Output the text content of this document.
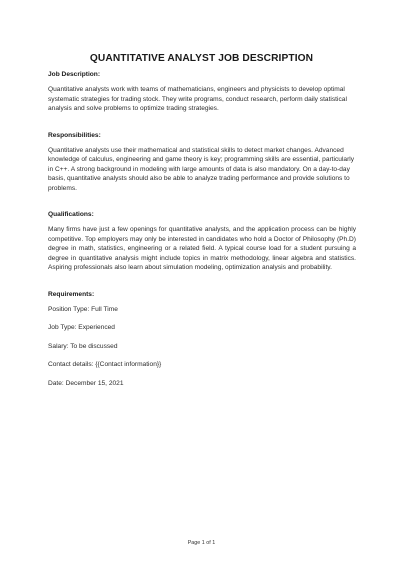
QUANTITATIVE ANALYST JOB DESCRIPTION

Job Description:

Quantitative analysts work with teams of mathematicians, engineers and physicists to develop optimal systematic strategies for trading stock. They write programs, conduct research, perform daily statistical analysis and solve problems to optimize trading strategies.

Responsibilities:

Quantitative analysts use their mathematical and statistical skills to detect market changes. Advanced knowledge of calculus, engineering and game theory is key; programming skills are essential, particularly in C++. A strong background in modeling with large amounts of data is also mandatory. On a day-to-day basis, quantitative analysts should also be able to analyze trading performance and provide solutions to problems.

Qualifications:

Many firms have just a few openings for quantitative analysts, and the application process can be highly competitive. Top employers may only be interested in candidates who hold a Doctor of Philosophy (Ph.D) degree in math, statistics, engineering or a related field. A typical course load for a student pursuing a degree in quantitative analysis might include topics in matrix methodology, linear algebra and statistics. Aspiring professionals also learn about simulation modeling, optimization analysis and probability.

Requirements:

Position Type: Full Time

Job Type: Experienced

Salary: To be discussed

Contact details: {{Contact information}}

Date: December 15, 2021

Page 1 of 1
